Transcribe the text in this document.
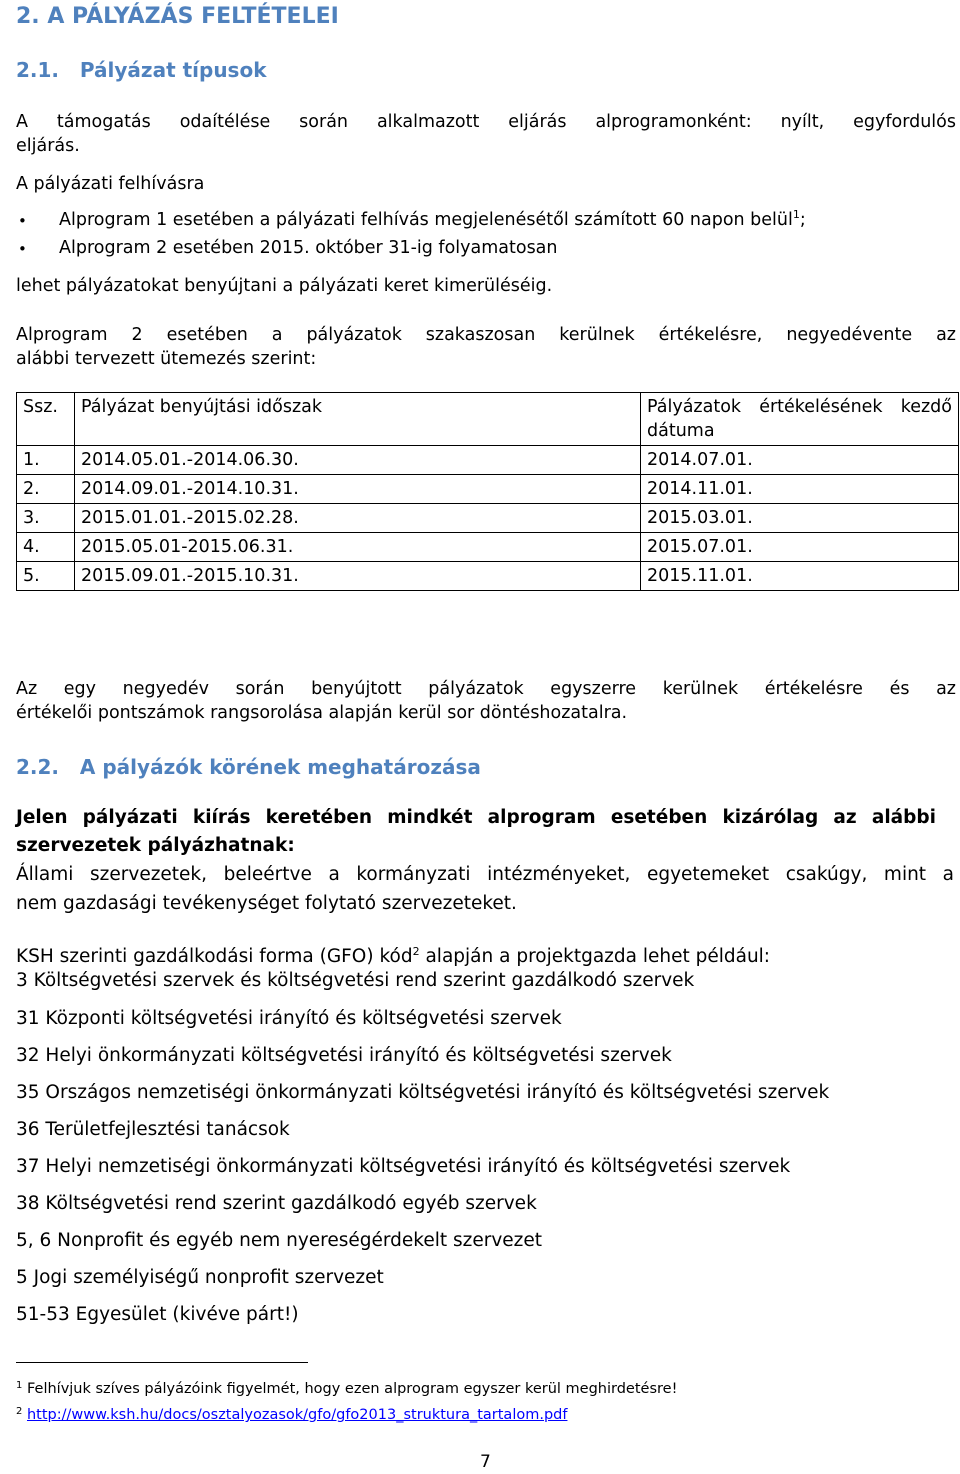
2. A PÁLYÁZÁS FELTÉTELEI
2.1. Pályázat típusok
A támogatás odaítélése során alkalmazott eljárás alprogramonként: nyílt, egyfordulós
eljárás.
A pályázati felhívásra
• Alprogram 1 esetében a pályázati felhívás megjelenésétől számított 60 napon belül$^1$;
• Alprogram 2 esetében 2015. október 31-ig folyamatosan
lehet pályázatokat benyújtani a pályázati keret kimerüléséig.
Alprogram 2 esetében a pályázatok szakaszosan kerülnek értékelésre, negyedévente az
alábbi tervezett ütemezés szerint:
Ssz.	Pályázat benyújtási időszak	Pályázatok értékelésének kezdő dátuma
1.	2014.05.01.-2014.06.30.	2014.07.01.
2.	2014.09.01.-2014.10.31.	2014.11.01.
3.	2015.01.01.-2015.02.28.	2015.03.01.
4.	2015.05.01-2015.06.31.	2015.07.01.
5.	2015.09.01.-2015.10.31.	2015.11.01.
Az egy negyedév során benyújtott pályázatok egyszerre kerülnek értékelésre és az
értékelői pontszámok rangsorolása alapján kerül sor döntéshozatalra.
2.2. A pályázók körének meghatározása
Jelen pályázati kiírás keretében mindkét alprogram esetében kizárólag az alábbi
szervezetek pályázhatnak:
Állami szervezetek, beleértve a kormányzati intézményeket, egyetemeket csakúgy, mint a
nem gazdasági tevékenységet folytató szervezeteket.
KSH szerinti gazdálkodási forma (GFO) kód$^2$ alapján a projektgazda lehet például:
3 Költségvetési szervek és költségvetési rend szerint gazdálkodó szervek
31 Központi költségvetési irányító és költségvetési szervek
32 Helyi önkormányzati költségvetési irányító és költségvetési szervek
35 Országos nemzetiségi önkormányzati költségvetési irányító és költségvetési szervek
36 Területfejlesztési tanácsok
37 Helyi nemzetiségi önkormányzati költségvetési irányító és költségvetési szervek
38 Költségvetési rend szerint gazdálkodó egyéb szervek
5, 6 Nonprofit és egyéb nem nyereségérdekelt szervezet
5 Jogi személyiségű nonprofit szervezet
51-53 Egyesület (kivéve párt!)
$^1$ Felhívjuk szíves pályázóink figyelmét, hogy ezen alprogram egyszer kerül meghirdetésre!
$^2$ http://www.ksh.hu/docs/osztalyozasok/gfo/gfo2013_struktura_tartalom.pdf
7
